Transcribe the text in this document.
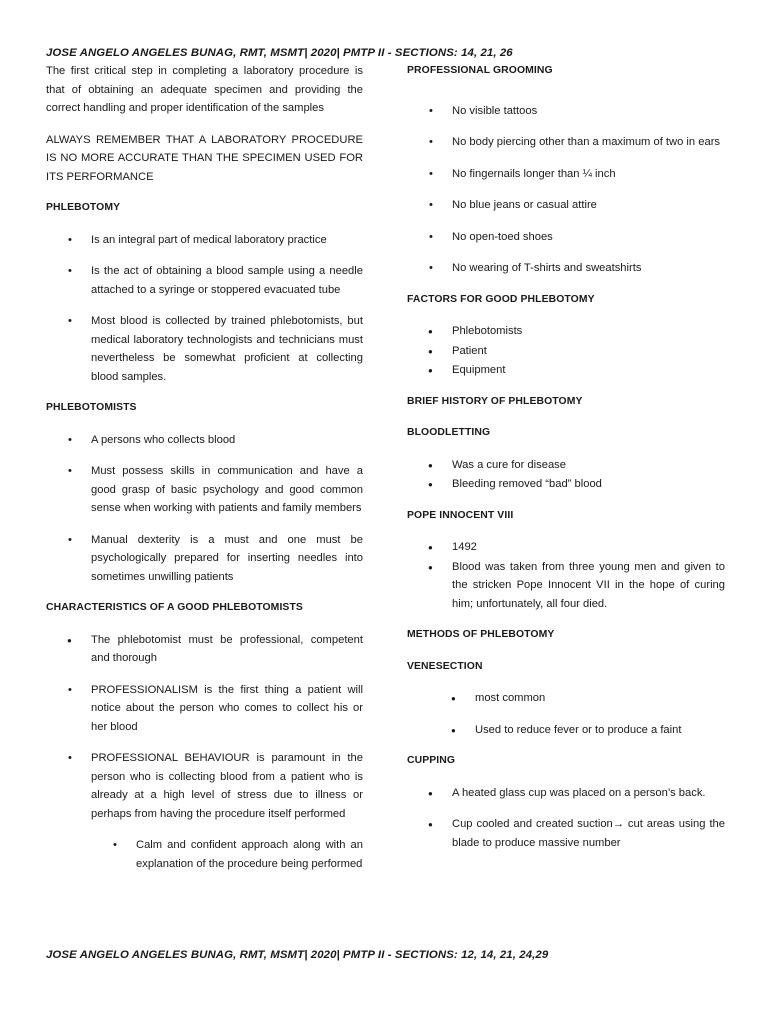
JOSE ANGELO ANGELES BUNAG, RMT, MSMT| 2020| PMTP II - SECTIONS: 14, 21, 26

The first critical step in completing a laboratory procedure is that of obtaining an adequate specimen and providing the correct handling and proper identification of the samples

ALWAYS REMEMBER THAT A LABORATORY PROCEDURE IS NO MORE ACCURATE THAN THE SPECIMEN USED FOR ITS PERFORMANCE

PHLEBOTOMY
• Is an integral part of medical laboratory practice
• Is the act of obtaining a blood sample using a needle attached to a syringe or stoppered evacuated tube
• Most blood is collected by trained phlebotomists, but medical laboratory technologists and technicians must nevertheless be somewhat proficient at collecting blood samples.
PHLEBOTOMISTS
• A persons who collects blood
• Must possess skills in communication and have a good grasp of basic psychology and good common sense when working with patients and family members
• Manual dexterity is a must and one must be psychologically prepared for inserting needles into sometimes unwilling patients
CHARACTERISTICS OF A GOOD PHLEBOTOMISTS
● The phlebotomist must be professional, competent and thorough
• PROFESSIONALISM is the first thing a patient will notice about the person who comes to collect his or her blood
• PROFESSIONAL BEHAVIOUR is paramount in the person who is collecting blood from a patient who is already at a high level of stress due to illness or perhaps from having the procedure itself performed
• Calm and confident approach along with an explanation of the procedure being performed
PROFESSIONAL GROOMING
• No visible tattoos
• No body piercing other than a maximum of two in ears
• No fingernails longer than ¼ inch
• No blue jeans or casual attire
• No open-toed shoes
• No wearing of T-shirts and sweatshirts
FACTORS FOR GOOD PHLEBOTOMY
● Phlebotomists
● Patient
● Equipment
BRIEF HISTORY OF PHLEBOTOMY
BLOODLETTING
● Was a cure for disease
● Bleeding removed “bad” blood
POPE INNOCENT VIII
● 1492
● Blood was taken from three young men and given to the stricken Pope Innocent VII in the hope of curing him; unfortunately, all four died.
METHODS OF PHLEBOTOMY
VENESECTION
● most common
● Used to reduce fever or to produce a faint
CUPPING
● A heated glass cup was placed on a person’s back.
● Cup cooled and created suction→ cut areas using the blade to produce massive number
JOSE ANGELO ANGELES BUNAG, RMT, MSMT| 2020| PMTP II - SECTIONS: 12, 14, 21, 24,29
